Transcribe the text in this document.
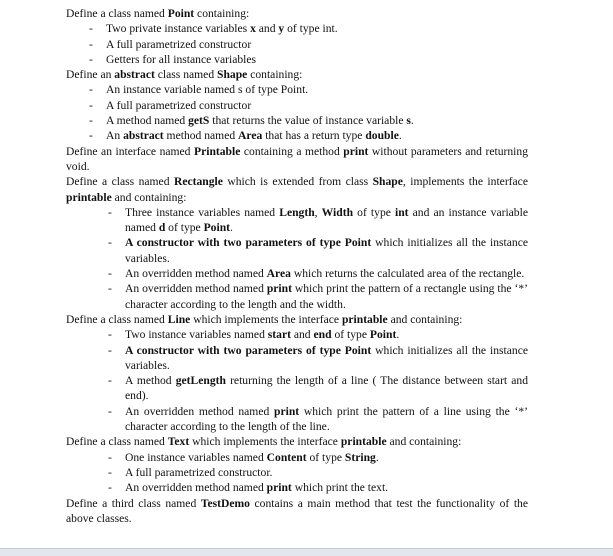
Define a class named Point containing:

- Two private instance variables x and y of type int.
- A full parametrized constructor
- Getters for all instance variables

Define an abstract class named Shape containing:

- An instance variable named s of type Point.
- A full parametrized constructor
- A method named getS that returns the value of instance variable s.
- An abstract method named Area that has a return type double.

Define an interface named Printable containing a method print without parameters and returning void.

Define a class named Rectangle which is extended from class Shape, implements the interface printable and containing:

- Three instance variables named Length, Width of type int and an instance variable named d of type Point.
- A constructor with two parameters of type Point which initializes all the instance variables.
- An overridden method named Area which returns the calculated area of the rectangle.
- An overridden method named print which print the pattern of a rectangle using the ‘*’ character according to the length and the width.

Define a class named Line which implements the interface printable and containing:

- Two instance variables named start and end of type Point.
- A constructor with two parameters of type Point which initializes all the instance variables.
- A method getLength returning the length of a line ( The distance between start and end).
- An overridden method named print which print the pattern of a line using the ‘*’ character according to the length of the line.

Define a class named Text which implements the interface printable and containing:

- One instance variables named Content of type String.
- A full parametrized constructor.
- An overridden method named print which print the text.

Define a third class named TestDemo contains a main method that test the functionality of the above classes.
